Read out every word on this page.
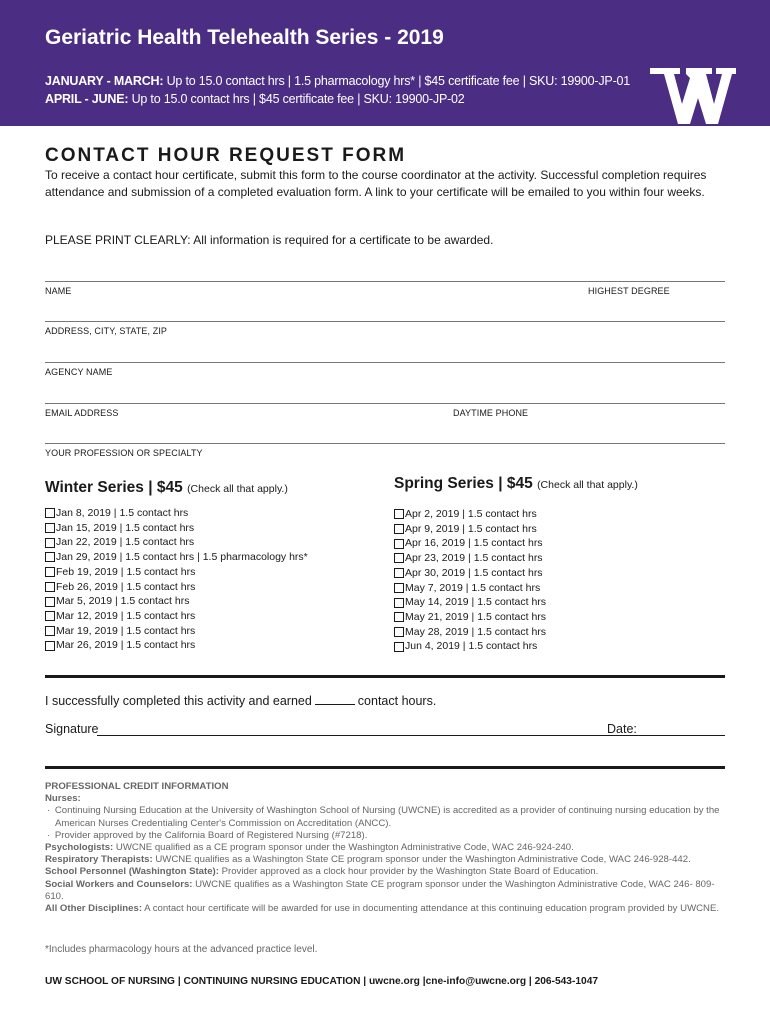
Geriatric Health Telehealth Series - 2019
JANUARY - MARCH: Up to 15.0 contact hrs | 1.5 pharmacology hrs* | $45 certificate fee | SKU: 19900-JP-01
APRIL - JUNE: Up to 15.0 contact hrs | $45 certificate fee | SKU: 19900-JP-02
CONTACT HOUR REQUEST FORM
To receive a contact hour certificate, submit this form to the course coordinator at the activity. Successful completion requires attendance and submission of a completed evaluation form. A link to your certificate will be emailed to you within four weeks.
PLEASE PRINT CLEARLY: All information is required for a certificate to be awarded.
NAME	HIGHEST DEGREE
ADDRESS, CITY, STATE, ZIP
AGENCY NAME
EMAIL ADDRESS	DAYTIME PHONE
YOUR PROFESSION OR SPECIALTY
Winter Series | $45 (Check all that apply.)
Jan 8, 2019 | 1.5 contact hrs
Jan 15, 2019 | 1.5 contact hrs
Jan 22, 2019 | 1.5 contact hrs
Jan 29, 2019 | 1.5 contact hrs | 1.5 pharmacology hrs*
Feb 19, 2019 | 1.5 contact hrs
Feb 26, 2019 | 1.5 contact hrs
Mar 5, 2019 | 1.5 contact hrs
Mar 12, 2019 | 1.5 contact hrs
Mar 19, 2019 | 1.5 contact hrs
Mar 26, 2019 | 1.5 contact hrs
Spring Series | $45 (Check all that apply.)
Apr 2, 2019 | 1.5 contact hrs
Apr 9, 2019 | 1.5 contact hrs
Apr 16, 2019 | 1.5 contact hrs
Apr 23, 2019 | 1.5 contact hrs
Apr 30, 2019 | 1.5 contact hrs
May 7, 2019 | 1.5 contact hrs
May 14, 2019 | 1.5 contact hrs
May 21, 2019 | 1.5 contact hrs
May 28, 2019 | 1.5 contact hrs
Jun 4, 2019 | 1.5 contact hrs
I successfully completed this activity and earned	contact hours.
Signature	Date:
PROFESSIONAL CREDIT INFORMATION
Nurses:
· Continuing Nursing Education at the University of Washington School of Nursing (UWCNE) is accredited as a provider of continuing nursing education by the American Nurses Credentialing Center's Commission on Accreditation (ANCC).
· Provider approved by the California Board of Registered Nursing (#7218).
Psychologists: UWCNE qualified as a CE program sponsor under the Washington Administrative Code, WAC 246-924-240.
Respiratory Therapists: UWCNE qualifies as a Washington State CE program sponsor under the Washington Administrative Code, WAC 246-928-442.
School Personnel (Washington State): Provider approved as a clock hour provider by the Washington State Board of Education.
Social Workers and Counselors: UWCNE qualifies as a Washington State CE program sponsor under the Washington Administrative Code, WAC 246- 809-610.
All Other Disciplines: A contact hour certificate will be awarded for use in documenting attendance at this continuing education program provided by UWCNE.
*Includes pharmacology hours at the advanced practice level.
UW SCHOOL OF NURSING | CONTINUING NURSING EDUCATION | uwcne.org |cne-info@uwcne.org | 206-543-1047
